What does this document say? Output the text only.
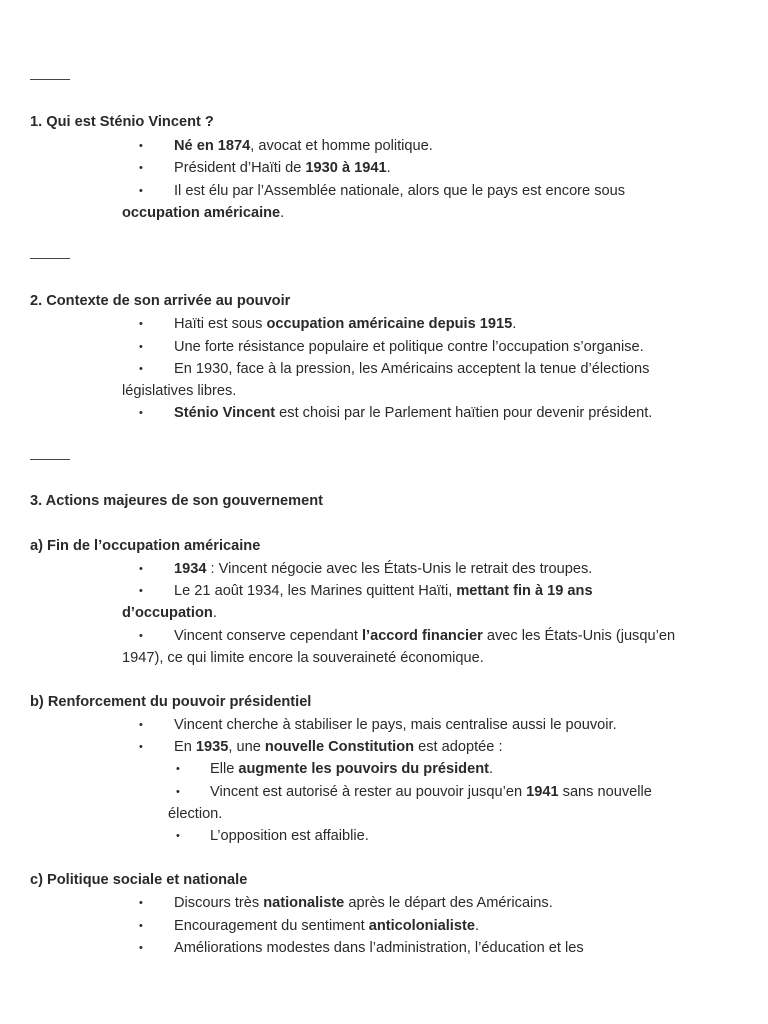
1. Qui est Sténio Vincent ?
• Né en 1874, avocat et homme politique.
• Président d’Haïti de 1930 à 1941.
• Il est élu par l’Assemblée nationale, alors que le pays est encore sous
occupation américaine.
2. Contexte de son arrivée au pouvoir
• Haïti est sous occupation américaine depuis 1915.
• Une forte résistance populaire et politique contre l’occupation s’organise.
• En 1930, face à la pression, les Américains acceptent la tenue d’élections
législatives libres.
• Sténio Vincent est choisi par le Parlement haïtien pour devenir président.
3. Actions majeures de son gouvernement
a) Fin de l’occupation américaine
• 1934 : Vincent négocie avec les États-Unis le retrait des troupes.
• Le 21 août 1934, les Marines quittent Haïti, mettant fin à 19 ans
d’occupation.
• Vincent conserve cependant l’accord financier avec les États-Unis (jusqu’en
1947), ce qui limite encore la souveraineté économique.
b) Renforcement du pouvoir présidentiel
• Vincent cherche à stabiliser le pays, mais centralise aussi le pouvoir.
• En 1935, une nouvelle Constitution est adoptée :
• Elle augmente les pouvoirs du président.
• Vincent est autorisé à rester au pouvoir jusqu’en 1941 sans nouvelle
élection.
• L’opposition est affaiblie.
c) Politique sociale et nationale
• Discours très nationaliste après le départ des Américains.
• Encouragement du sentiment anticolonialiste.
• Améliorations modestes dans l’administration, l’éducation et les
